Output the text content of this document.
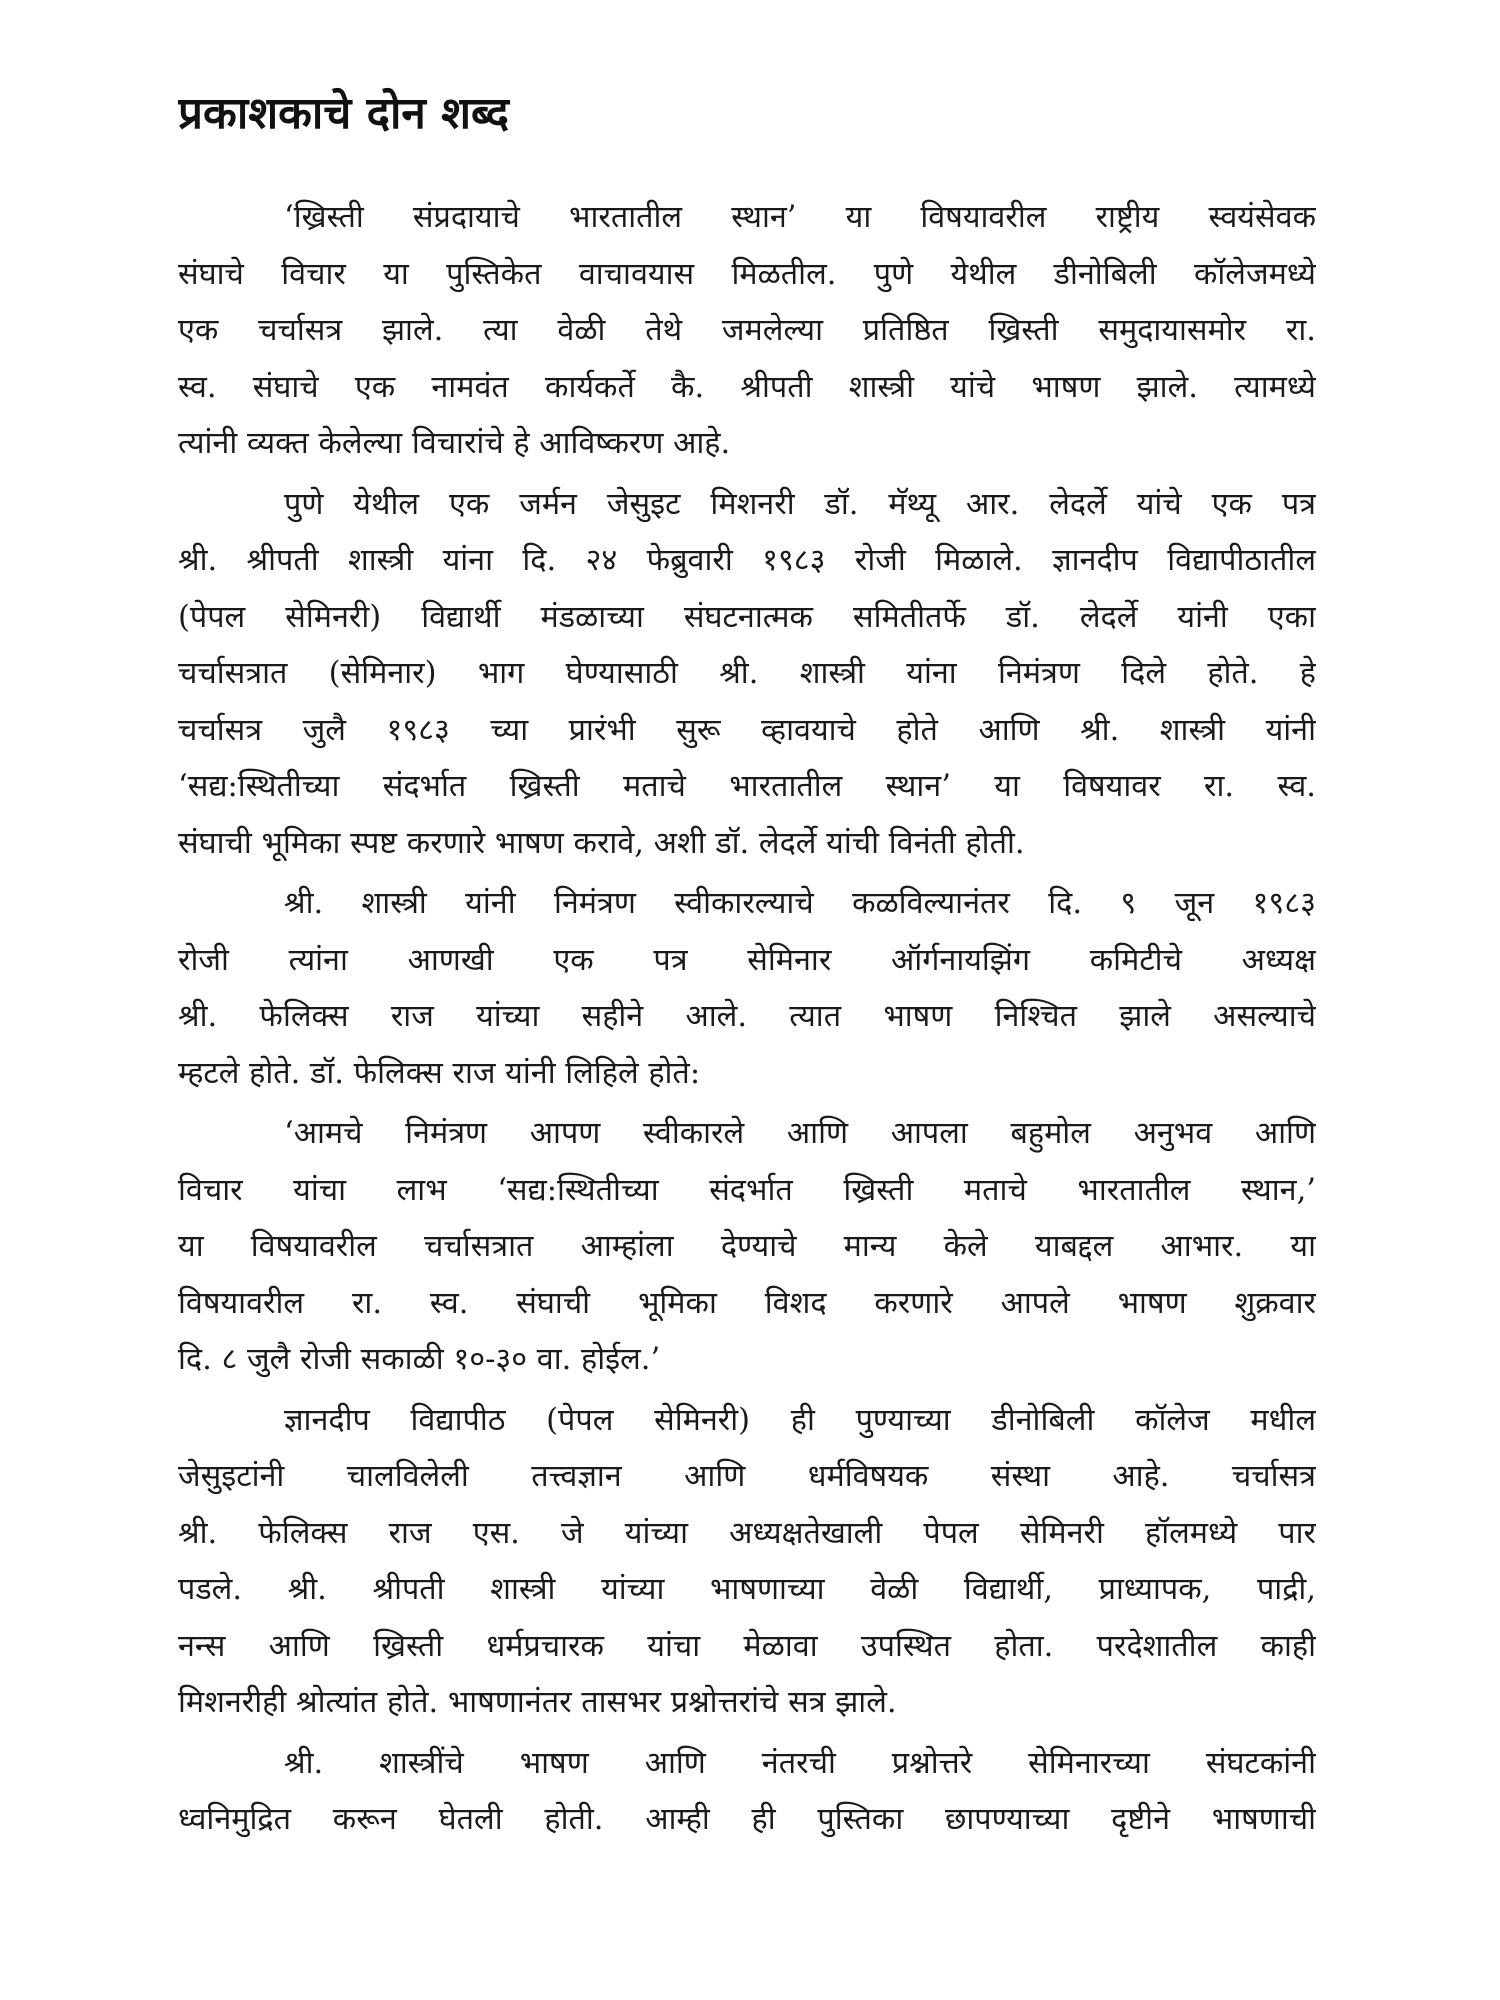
प्रकाशकाचे दोन शब्द
‘ख्रिस्ती संप्रदायाचे भारतातील स्थान’ या विषयावरील राष्ट्रीय स्वयंसेवक
संघाचे विचार या पुस्तिकेत वाचावयास मिळतील. पुणे येथील डीनोबिली कॉलेजमध्ये
एक चर्चासत्र झाले. त्या वेळी तेथे जमलेल्या प्रतिष्ठित ख्रिस्ती समुदायासमोर रा.
स्व. संघाचे एक नामवंत कार्यकर्ते कै. श्रीपती शास्त्री यांचे भाषण झाले. त्यामध्ये
त्यांनी व्यक्त केलेल्या विचारांचे हे आविष्करण आहे.
पुणे येथील एक जर्मन जेसुइट मिशनरी डॉ. मॅथ्यू आर. लेदर्ले यांचे एक पत्र
श्री. श्रीपती शास्त्री यांना दि. २४ फेब्रुवारी १९८३ रोजी मिळाले. ज्ञानदीप विद्यापीठातील
(पेपल सेमिनरी) विद्यार्थी मंडळाच्या संघटनात्मक समितीतर्फे डॉ. लेदर्ले यांनी एका
चर्चासत्रात (सेमिनार) भाग घेण्यासाठी श्री. शास्त्री यांना निमंत्रण दिले होते. हे
चर्चासत्र जुलै १९८३ च्या प्रारंभी सुरू व्हावयाचे होते आणि श्री. शास्त्री यांनी
‘सद्य:स्थितीच्या संदर्भात ख्रिस्ती मताचे भारतातील स्थान’ या विषयावर रा. स्व.
संघाची भूमिका स्पष्ट करणारे भाषण करावे, अशी डॉ. लेदर्ले यांची विनंती होती.
श्री. शास्त्री यांनी निमंत्रण स्वीकारल्याचे कळविल्यानंतर दि. ९ जून १९८३
रोजी त्यांना आणखी एक पत्र सेमिनार ऑर्गनायझिंग कमिटीचे अध्यक्ष
श्री. फेलिक्स राज यांच्या सहीने आले. त्यात भाषण निश्चित झाले असल्याचे
म्हटले होते. डॉ. फेलिक्स राज यांनी लिहिले होते:
‘आमचे निमंत्रण आपण स्वीकारले आणि आपला बहुमोल अनुभव आणि
विचार यांचा लाभ ‘सद्य:स्थितीच्या संदर्भात ख्रिस्ती मताचे भारतातील स्थान,’
या विषयावरील चर्चासत्रात आम्हांला देण्याचे मान्य केले याबद्दल आभार. या
विषयावरील रा. स्व. संघाची भूमिका विशद करणारे आपले भाषण शुक्रवार
दि. ८ जुलै रोजी सकाळी १०-३० वा. होईल.’
ज्ञानदीप विद्यापीठ (पेपल सेमिनरी) ही पुण्याच्या डीनोबिली कॉलेज मधील
जेसुइटांनी चालविलेली तत्त्वज्ञान आणि धर्मविषयक संस्था आहे. चर्चासत्र
श्री. फेलिक्स राज एस. जे यांच्या अध्यक्षतेखाली पेपल सेमिनरी हॉलमध्ये पार
पडले. श्री. श्रीपती शास्त्री यांच्या भाषणाच्या वेळी विद्यार्थी, प्राध्यापक, पाद्री,
नन्स आणि ख्रिस्ती धर्मप्रचारक यांचा मेळावा उपस्थित होता. परदेशातील काही
मिशनरीही श्रोत्यांत होते. भाषणानंतर तासभर प्रश्नोत्तरांचे सत्र झाले.
श्री. शास्त्रींचे भाषण आणि नंतरची प्रश्नोत्तरे सेमिनारच्या संघटकांनी
ध्वनिमुद्रित करून घेतली होती. आम्ही ही पुस्तिका छापण्याच्या दृष्टीने भाषणाची
